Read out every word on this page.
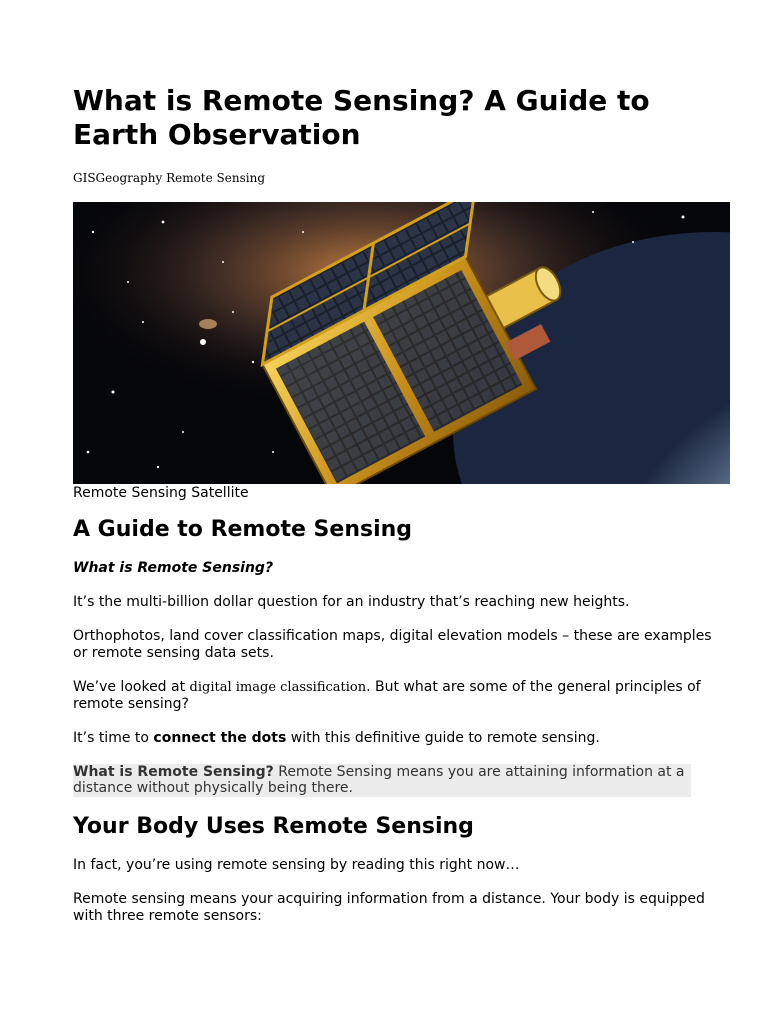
What is Remote Sensing? A Guide to Earth Observation
GISGeography Remote Sensing
Remote Sensing Satellite
A Guide to Remote Sensing
What is Remote Sensing?

It’s the multi-billion dollar question for an industry that’s reaching new heights.

Orthophotos, land cover classification maps, digital elevation models – these are examples or remote sensing data sets.

We’ve looked at digital image classification. But what are some of the general principles of remote sensing?

It’s time to connect the dots with this definitive guide to remote sensing.

What is Remote Sensing? Remote Sensing means you are attaining information at a distance without physically being there.
Your Body Uses Remote Sensing

In fact, you’re using remote sensing by reading this right now…

Remote sensing means your acquiring information from a distance. Your body is equipped with three remote sensors:
